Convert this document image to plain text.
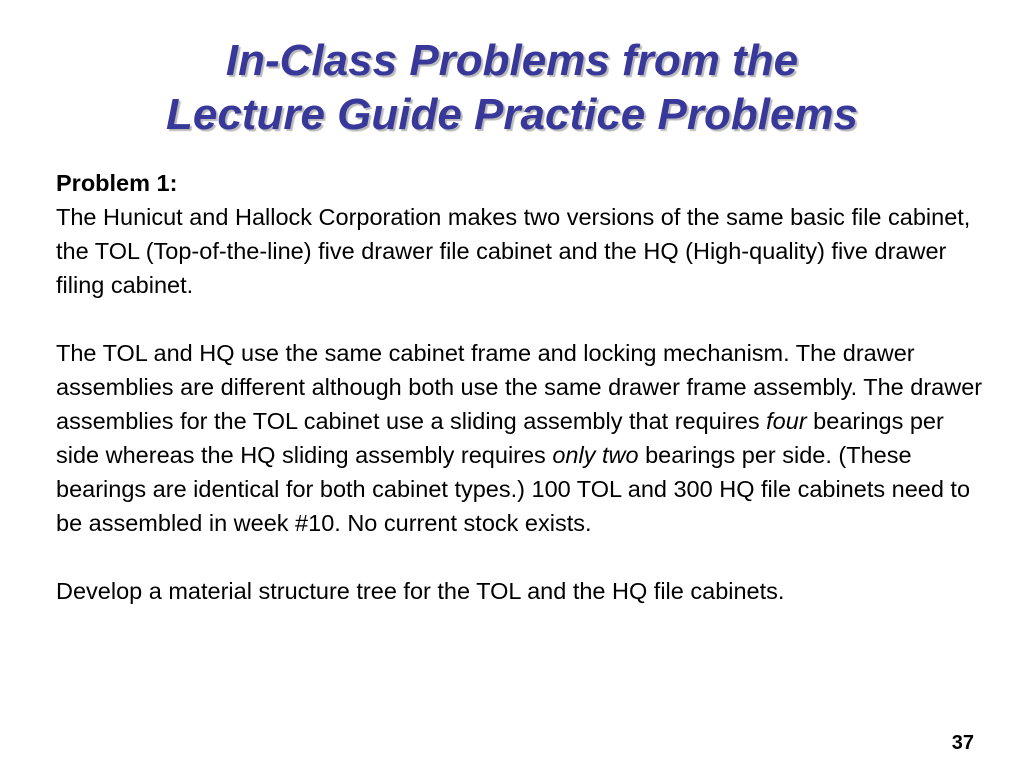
In-Class Problems from the
Lecture Guide Practice Problems

Problem 1:

The Hunicut and Hallock Corporation makes two versions of the same basic file cabinet, the TOL (Top-of-the-line) five drawer file cabinet and the HQ (High-quality) five drawer filing cabinet.

The TOL and HQ use the same cabinet frame and locking mechanism. The drawer assemblies are different although both use the same drawer frame assembly. The drawer assemblies for the TOL cabinet use a sliding assembly that requires four bearings per side whereas the HQ sliding assembly requires only two bearings per side. (These bearings are identical for both cabinet types.) 100 TOL and 300 HQ file cabinets need to be assembled in week #10. No current stock exists.

Develop a material structure tree for the TOL and the HQ file cabinets.

37
